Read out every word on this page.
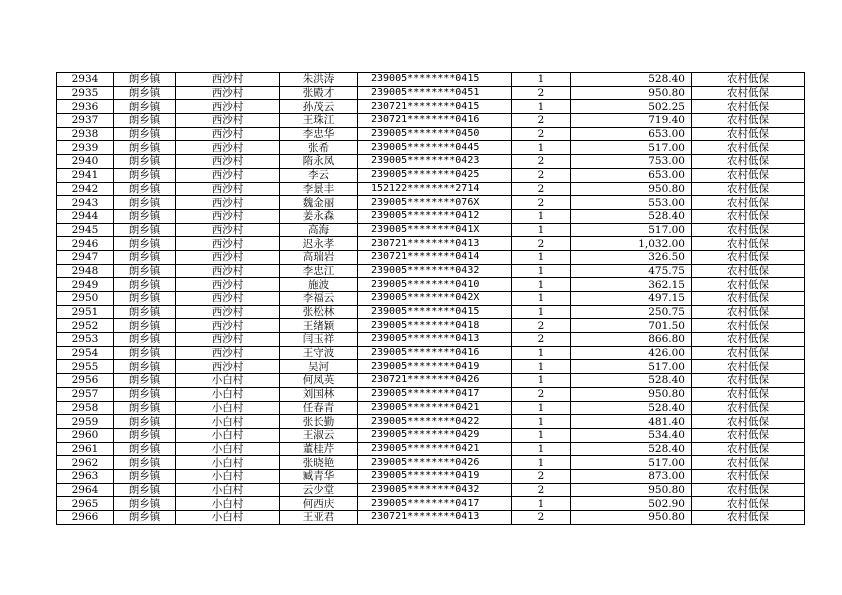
2934	朗乡镇	西沙村	朱洪涛	239005********0415	1	528.40	农村低保
2935	朗乡镇	西沙村	张殿才	239005********0451	2	950.80	农村低保
2936	朗乡镇	西沙村	孙茂云	230721********0415	1	502.25	农村低保
2937	朗乡镇	西沙村	王珠江	230721********0416	2	719.40	农村低保
2938	朗乡镇	西沙村	李忠华	239005********0450	2	653.00	农村低保
2939	朗乡镇	西沙村	张希	239005********0445	1	517.00	农村低保
2940	朗乡镇	西沙村	隋永凤	239005********0423	2	753.00	农村低保
2941	朗乡镇	西沙村	李云	239005********0425	2	653.00	农村低保
2942	朗乡镇	西沙村	李景丰	152122********2714	2	950.80	农村低保
2943	朗乡镇	西沙村	魏金丽	239005********076X	2	553.00	农村低保
2944	朗乡镇	西沙村	姜永森	239005********0412	1	528.40	农村低保
2945	朗乡镇	西沙村	高海	239005********041X	1	517.00	农村低保
2946	朗乡镇	西沙村	迟永孝	230721********0413	2	1,032.00	农村低保
2947	朗乡镇	西沙村	高瑞岩	230721********0414	1	326.50	农村低保
2948	朗乡镇	西沙村	李忠江	239005********0432	1	475.75	农村低保
2949	朗乡镇	西沙村	施波	239005********0410	1	362.15	农村低保
2950	朗乡镇	西沙村	李福云	239005********042X	1	497.15	农村低保
2951	朗乡镇	西沙村	张松林	239005********0415	1	250.75	农村低保
2952	朗乡镇	西沙村	王绪颖	239005********0418	2	701.50	农村低保
2953	朗乡镇	西沙村	闫玉祥	239005********0413	2	866.80	农村低保
2954	朗乡镇	西沙村	王守波	239005********0416	1	426.00	农村低保
2955	朗乡镇	西沙村	吴河	239005********0419	1	517.00	农村低保
2956	朗乡镇	小白村	何凤英	230721********0426	1	528.40	农村低保
2957	朗乡镇	小白村	刘国林	239005********0417	2	950.80	农村低保
2958	朗乡镇	小白村	任春青	239005********0421	1	528.40	农村低保
2959	朗乡镇	小白村	张长勤	239005********0422	1	481.40	农村低保
2960	朗乡镇	小白村	王淑云	239005********0429	1	534.40	农村低保
2961	朗乡镇	小白村	董桂芹	239005********0421	1	528.40	农村低保
2962	朗乡镇	小白村	张晓艳	239005********0426	1	517.00	农村低保
2963	朗乡镇	小白村	臧青华	239005********0419	2	873.00	农村低保
2964	朗乡镇	小白村	云少堂	239005********0432	2	950.80	农村低保
2965	朗乡镇	小白村	何西庆	239005********0417	1	502.90	农村低保
2966	朗乡镇	小白村	王亚君	230721********0413	2	950.80	农村低保
